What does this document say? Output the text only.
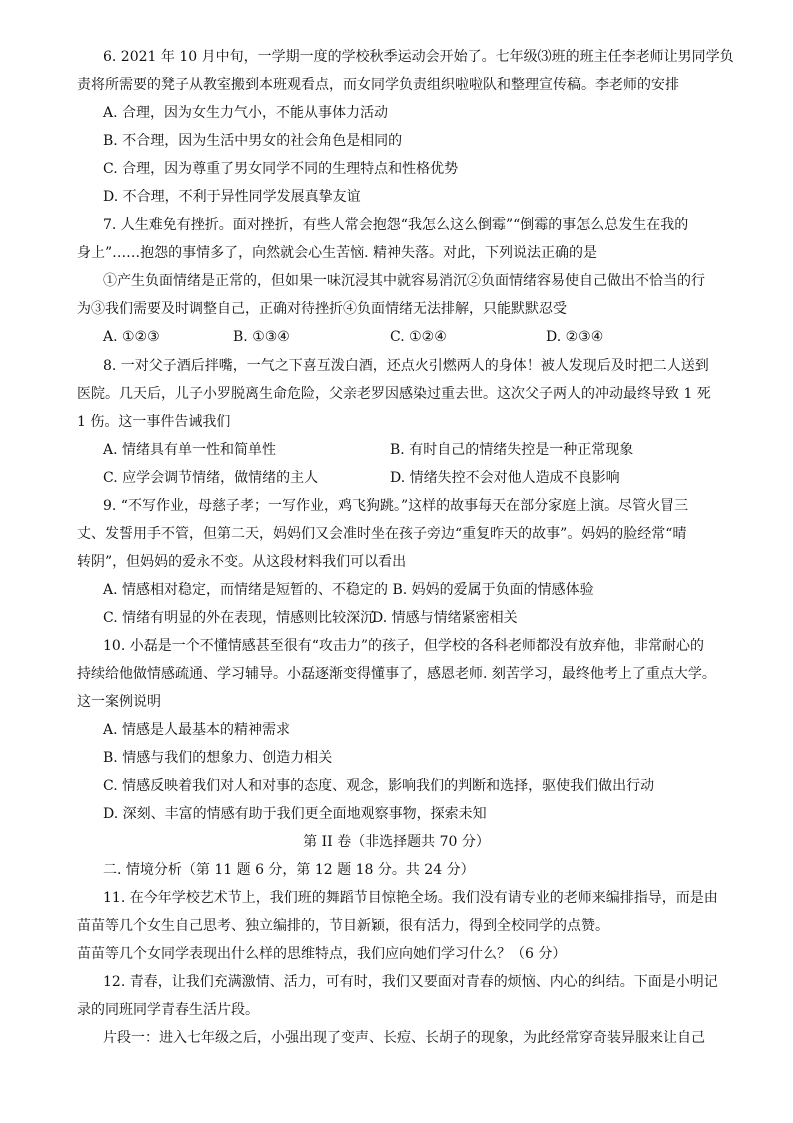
6. 2021 年 10 月中旬，一学期一度的学校秋季运动会开始了。七年级⑶班的班主任李老师让男同学负
责将所需要的凳子从教室搬到本班观看点，而女同学负责组织啦啦队和整理宣传稿。李老师的安排
A. 合理，因为女生力气小，不能从事体力活动
B. 不合理，因为生活中男女的社会角色是相同的
C. 合理，因为尊重了男女同学不同的生理特点和性格优势
D. 不合理，不利于异性同学发展真挚友谊
7. 人生难免有挫折。面对挫折，有些人常会抱怨“我怎么这么倒霉”“倒霉的事怎么总发生在我的
身上”……抱怨的事情多了，向然就会心生苦恼. 精神失落。对此，下列说法正确的是
①产生负面情绪是正常的，但如果一味沉浸其中就容易消沉②负面情绪容易使自己做出不恰当的行
为③我们需要及时调整自己，正确对待挫折④负面情绪无法排解，只能默默忍受
A. ①②③	B. ①③④	C. ①②④	D. ②③④
8. 一对父子酒后拌嘴，一气之下喜互泼白酒，还点火引燃两人的身体！被人发现后及时把二人送到
医院。几天后，儿子小罗脱离生命危险，父亲老罗因感染过重去世。这次父子两人的冲动最终导致 1 死
1 伤。这一事件告诫我们
A. 情绪具有单一性和简单性	B. 有时自己的情绪失控是一种正常现象
C. 应学会调节情绪，做情绪的主人	D. 情绪失控不会对他人造成不良影响
9. “不写作业，母慈子孝；一写作业，鸡飞狗跳。”这样的故事每天在部分家庭上演。尽管火冒三
丈、发誓用手不管，但第二天，妈妈们又会准时坐在孩子旁边“重复昨天的故事”。妈妈的脸经常“晴
转阴”，但妈妈的爱永不变。从这段材料我们可以看出
A. 情感相对稳定，而情绪是短暂的、不稳定的 B. 妈妈的爱属于负面的情感体验
C. 情绪有明显的外在表现，情感则比较深沉
D. 情感与情绪紧密相关
10. 小磊是一个不懂情感甚至很有“攻击力”的孩子，但学校的各科老师都没有放弃他，非常耐心的
持续给他做情感疏通、学习辅导。小磊逐渐变得懂事了，感恩老师. 刻苦学习，最终他考上了重点大学。
这一案例说明
A. 情感是人最基本的精神需求
B. 情感与我们的想象力、创造力相关
C. 情感反映着我们对人和对事的态度、观念，影响我们的判断和选择，驱使我们做出行动
D. 深刻、丰富的情感有助于我们更全面地观察事物，探索未知
第 II 卷（非选择题共 70 分）
二. 情境分析（第 11 题 6 分，第 12 题 18 分。共 24 分）
11. 在今年学校艺术节上，我们班的舞蹈节目惊艳全场。我们没有请专业的老师来编排指导，而是由
苗苗等几个女生自己思考、独立编排的，节目新颖，很有活力，得到全校同学的点赞。
苗苗等几个女同学表现出什么样的思维特点，我们应向她们学习什么？（6 分）
12. 青春，让我们充满激情、活力，可有时，我们又要面对青春的烦恼、内心的纠结。下面是小明记
录的同班同学青春生活片段。
片段一：进入七年级之后，小强出现了变声、长痘、长胡子的现象，为此经常穿奇装异服来让自己
